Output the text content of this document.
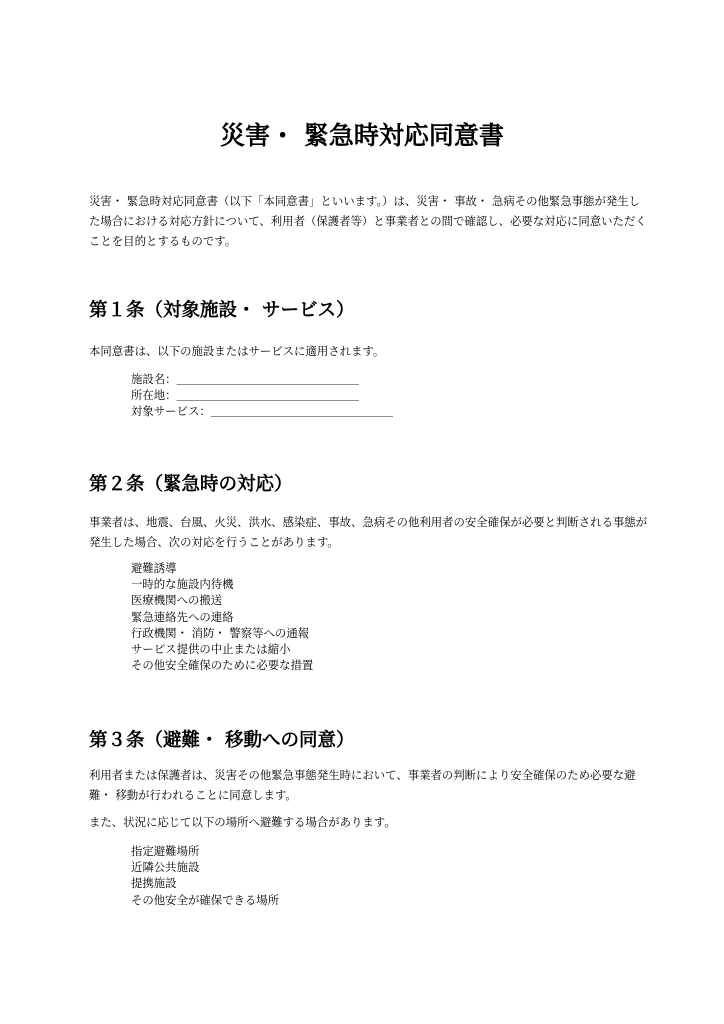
災害・ 緊急時対応同意書
災害・ 緊急時対応同意書（以下「本同意書」といいます。）は、災害・ 事故・ 急病その他緊急事態が発生した場合における対応方針について、利用者（保護者等）と事業者との間で確認し、必要な対応に同意いただくことを目的とするものです。
第１条（対象施設・ サービス）
本同意書は、以下の施設またはサービスに適用されます。
施設名：＿＿＿＿＿＿＿＿＿＿＿＿＿＿＿＿
所在地：＿＿＿＿＿＿＿＿＿＿＿＿＿＿＿＿
対象サービス：＿＿＿＿＿＿＿＿＿＿＿＿＿＿＿＿
第２条（緊急時の対応）
事業者は、地震、台風、火災、洪水、感染症、事故、急病その他利用者の安全確保が必要と判断される事態が発生した場合、次の対応を行うことがあります。
避難誘導
一時的な施設内待機
医療機関への搬送
緊急連絡先への連絡
行政機関・ 消防・ 警察等への通報
サービス提供の中止または縮小
その他安全確保のために必要な措置
第３条（避難・ 移動への同意）
利用者または保護者は、災害その他緊急事態発生時において、事業者の判断により安全確保のため必要な避難・ 移動が行われることに同意します。
また、状況に応じて以下の場所へ避難する場合があります。
指定避難場所
近隣公共施設
提携施設
その他安全が確保できる場所
